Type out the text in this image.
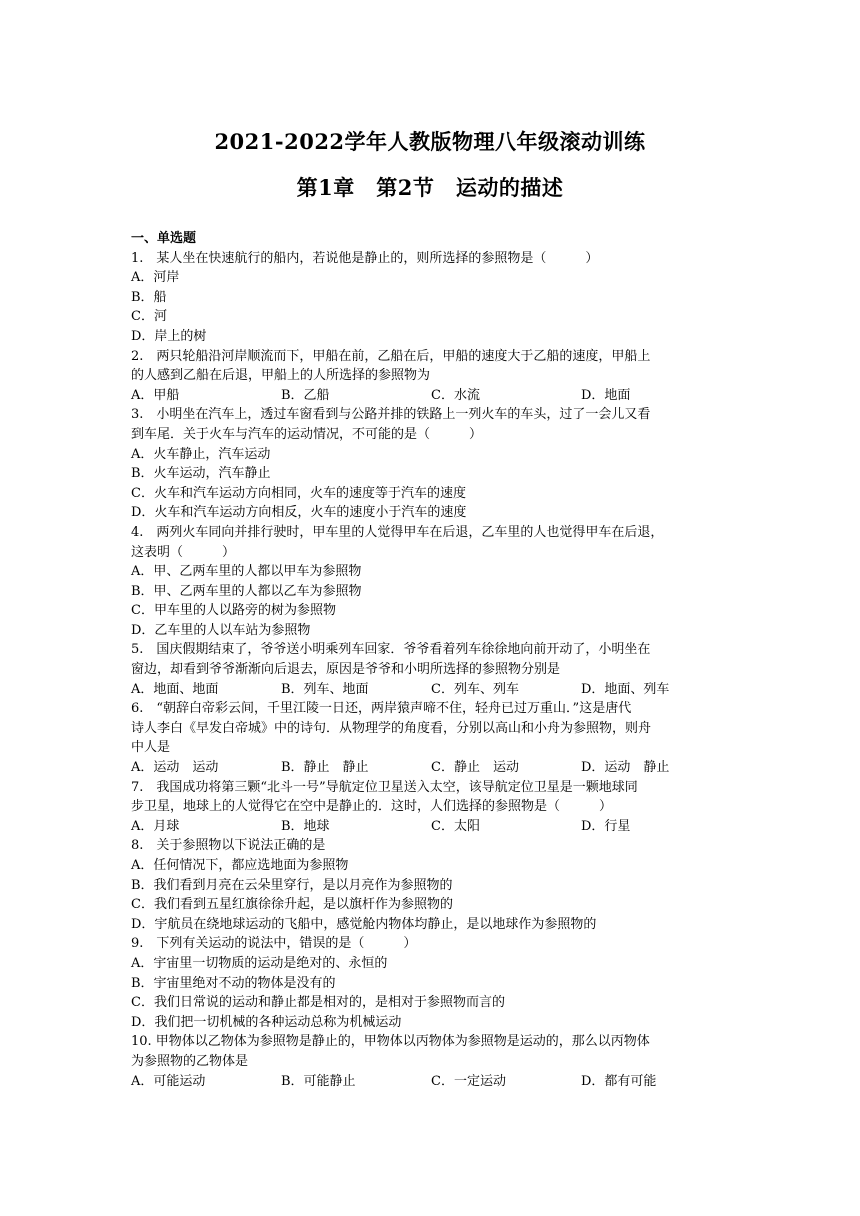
2021-2022学年人教版物理八年级滚动训练
第1章　第2节　运动的描述
一、单选题
1.　某人坐在快速航行的船内，若说他是静止的，则所选择的参照物是（　　　）
A．河岸
B．船
C．河
D．岸上的树
2.　两只轮船沿河岸顺流而下，甲船在前，乙船在后，甲船的速度大于乙船的速度，甲船上
的人感到乙船在后退，甲船上的人所选择的参照物为
A．甲船	B．乙船	C．水流	D．地面
3.　小明坐在汽车上，透过车窗看到与公路并排的铁路上一列火车的车头，过了一会儿又看
到车尾．关于火车与汽车的运动情况，不可能的是（　　　）
A．火车静止，汽车运动
B．火车运动，汽车静止
C．火车和汽车运动方向相同，火车的速度等于汽车的速度
D．火车和汽车运动方向相反，火车的速度小于汽车的速度
4.　两列火车同向并排行驶时，甲车里的人觉得甲车在后退，乙车里的人也觉得甲车在后退，
这表明（　　　）
A．甲、乙两车里的人都以甲车为参照物
B．甲、乙两车里的人都以乙车为参照物
C．甲车里的人以路旁的树为参照物
D．乙车里的人以车站为参照物
5.　国庆假期结束了，爷爷送小明乘列车回家．爷爷看着列车徐徐地向前开动了，小明坐在
窗边，却看到爷爷渐渐向后退去，原因是爷爷和小明所选择的参照物分别是
A．地面、地面	B．列车、地面	C．列车、列车	D．地面、列车
6.　“朝辞白帝彩云间，千里江陵一日还，两岸猿声啼不住，轻舟已过万重山．”这是唐代
诗人李白《早发白帝城》中的诗句．从物理学的角度看，分别以高山和小舟为参照物，则舟
中人是
A．运动　运动	B．静止　静止	C．静止　运动	D．运动　静止
7.　我国成功将第三颗“北斗一号”导航定位卫星送入太空，该导航定位卫星是一颗地球同
步卫星，地球上的人觉得它在空中是静止的．这时，人们选择的参照物是（　　　）
A．月球	B．地球	C．太阳	D．行星
8.　关于参照物以下说法正确的是
A．任何情况下，都应选地面为参照物
B．我们看到月亮在云朵里穿行，是以月亮作为参照物的
C．我们看到五星红旗徐徐升起，是以旗杆作为参照物的
D．宇航员在绕地球运动的飞船中，感觉舱内物体均静止，是以地球作为参照物的
9.　下列有关运动的说法中，错误的是（　　　）
A．宇宙里一切物质的运动是绝对的、永恒的
B．宇宙里绝对不动的物体是没有的
C．我们日常说的运动和静止都是相对的，是相对于参照物而言的
D．我们把一切机械的各种运动总称为机械运动
10. 甲物体以乙物体为参照物是静止的，甲物体以丙物体为参照物是运动的，那么以丙物体
为参照物的乙物体是
A．可能运动	B．可能静止	C．一定运动	D．都有可能
